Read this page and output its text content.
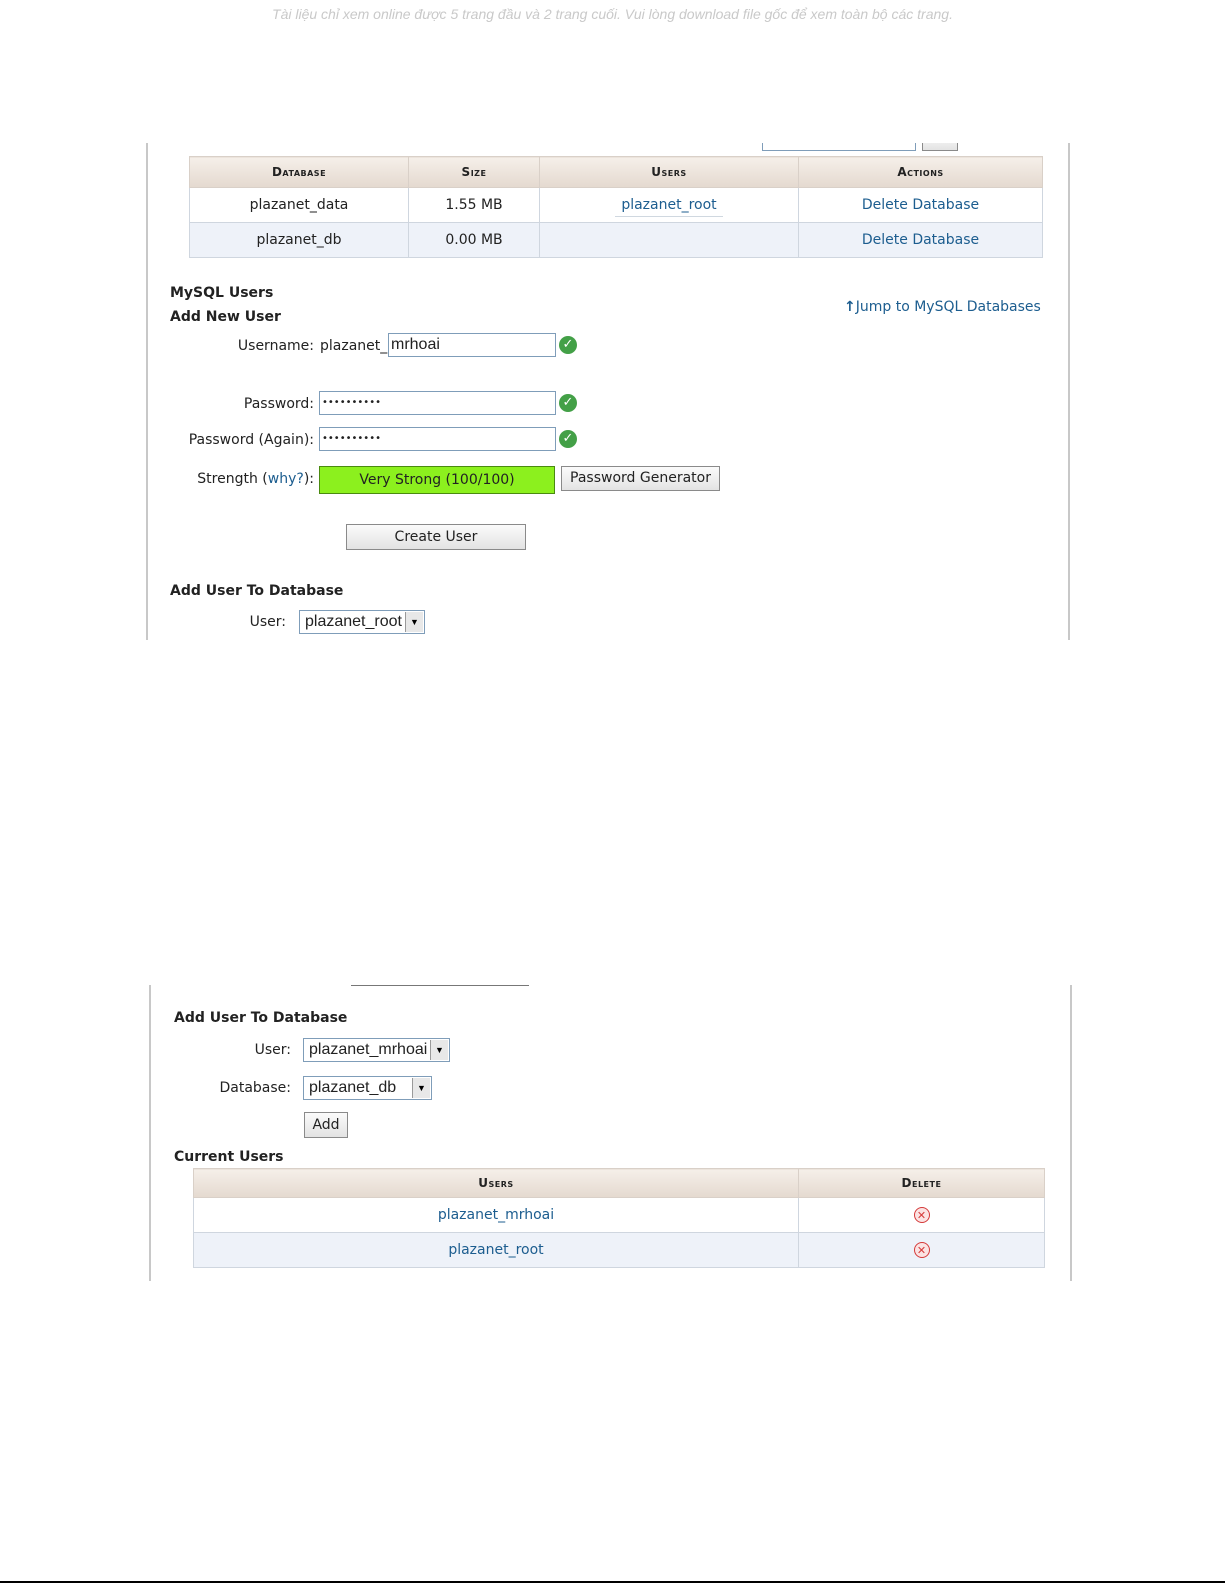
Tài liệu chỉ xem online được 5 trang đầu và 2 trang cuối. Vui lòng download file gốc để xem toàn bộ các trang.
Database	Size	Users	Actions
plazanet_data	1.55 MB	plazanet_root	Delete Database
plazanet_db	0.00 MB		Delete Database
MySQL Users
Add New User
↑Jump to MySQL Databases
Username: plazanet_ mrhoai	✓
Password: ••••••••••	✓
Password (Again): ••••••••••	✓
Strength (why?):	Very Strong (100/100)	Password Generator
Create User
Add User To Database
User:	plazanet_root ▼
Add User To Database
User:	plazanet_mrhoai ▼
Database:	plazanet_db	▼
Add
Current Users
Users	Delete
plazanet_mrhoai	✕
plazanet_root	✕
